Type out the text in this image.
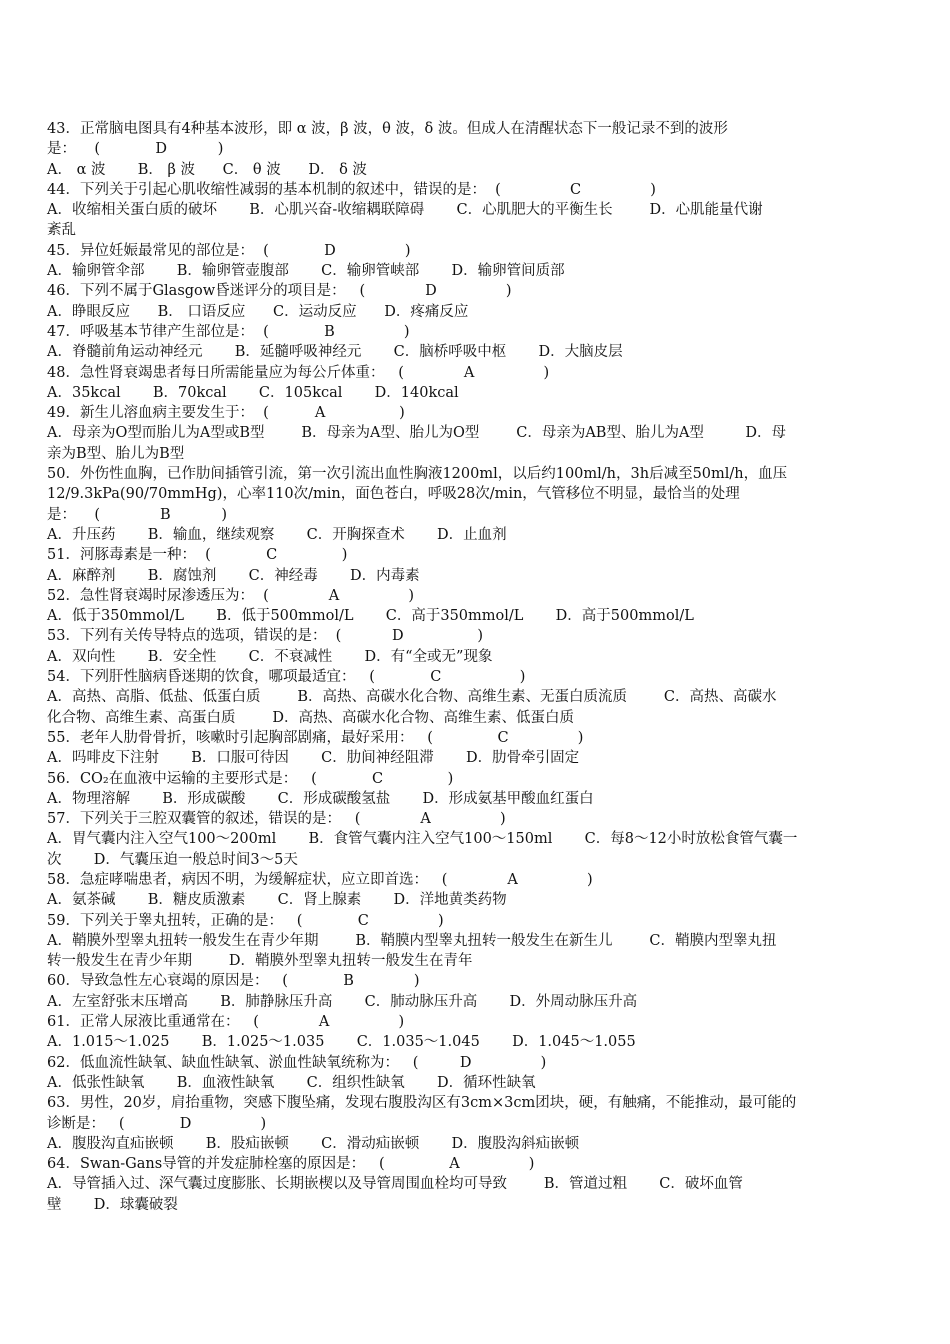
43．正常脑电图具有4种基本波形，即 α 波，β 波，θ 波，δ 波。但成人在清醒状态下一般记录不到的波形
是：    (            D           )
A． α 波       B． β 波      C． θ 波      D． δ 波
44．下列关于引起心肌收缩性减弱的基本机制的叙述中，错误的是：  (               C               )
A．收缩相关蛋白质的破坏       B．心肌兴奋-收缩耦联障碍       C．心肌肥大的平衡生长        D．心肌能量代谢
紊乱
45．异位妊娠最常见的部位是：  (            D               )
A．输卵管伞部       B．输卵管壶腹部       C．输卵管峡部       D．输卵管间质部
46．下列不属于Glasgow昏迷评分的项目是：   (             D               )
A．睁眼反应      B． 口语反应      C．运动反应      D．疼痛反应
47．呼吸基本节律产生部位是：  (            B               )
A．脊髓前角运动神经元       B．延髓呼吸神经元       C．脑桥呼吸中枢       D．大脑皮层
48．急性肾衰竭患者每日所需能量应为每公斤体重：   (             A               )
A．35kcal       B．70kcal       C．105kcal       D．140kcal
49．新生儿溶血病主要发生于：  (          A                )
A．母亲为O型而胎儿为A型或B型        B．母亲为A型、胎儿为O型        C．母亲为AB型、胎儿为A型         D．母
亲为B型、胎儿为B型
50．外伤性血胸，已作肋间插管引流，第一次引流出血性胸液1200ml，以后约100ml/h，3h后减至50ml/h，血压
12/9.3kPa(90/70mmHg)，心率110次/min，面色苍白，呼吸28次/min，气管移位不明显，最恰当的处理
是：    (             B           )
A．升压药       B．输血，继续观察       C．开胸探查术       D．止血剂
51．河豚毒素是一种：  (            C              )
A．麻醉剂       B．腐蚀剂       C．神经毒       D．内毒素
52．急性肾衰竭时尿渗透压为：  (             A               )
A．低于350mmol/L       B．低于500mmol/L       C．高于350mmol/L       D．高于500mmol/L
53．下列有关传导特点的选项，错误的是：  (           D                )
A．双向性       B．安全性       C．不衰减性       D．有“全或无”现象
54．下列肝性脑病昏迷期的饮食，哪项最适宜：   (            C                 )
A．高热、高脂、低盐、低蛋白质        B．高热、高碳水化合物、高维生素、无蛋白质流质        C．高热、高碳水
化合物、高维生素、高蛋白质        D．高热、高碳水化合物、高维生素、低蛋白质
55．老年人肋骨骨折，咳嗽时引起胸部剧痛，最好采用：   (              C               )
A．吗啡皮下注射       B．口服可待因       C．肋间神经阻滞       D．肋骨牵引固定
56．CO₂在血液中运输的主要形式是：   (            C              )
A．物理溶解       B．形成碳酸       C．形成碳酸氢盐       D．形成氨基甲酸血红蛋白
57．下列关于三腔双囊管的叙述，错误的是：   (             A               )
A．胃气囊内注入空气100～200ml       B．食管气囊内注入空气100～150ml       C．每8～12小时放松食管气囊一
次       D．气囊压迫一般总时间3～5天
58．急症哮喘患者，病因不明，为缓解症状，应立即首选：   (             A               )
A．氨茶碱       B．糖皮质激素       C．肾上腺素       D．洋地黄类药物
59．下列关于睾丸扭转，正确的是：   (            C               )
A．鞘膜外型睾丸扭转一般发生在青少年期        B．鞘膜内型睾丸扭转一般发生在新生儿        C．鞘膜内型睾丸扭
转一般发生在青少年期        D．鞘膜外型睾丸扭转一般发生在青年
60．导致急性左心衰竭的原因是：   (            B             )
A．左室舒张末压增高       B．肺静脉压升高       C．肺动脉压升高       D．外周动脉压升高
61．正常人尿液比重通常在：   (             A               )
A．1.015～1.025       B．1.025～1.035       C．1.035～1.045       D．1.045～1.055
62．低血流性缺氧、缺血性缺氧、淤血性缺氧统称为：   (         D               )
A．低张性缺氧       B．血液性缺氧       C．组织性缺氧       D．循环性缺氧
63．男性，20岁，肩抬重物，突感下腹坠痛，发现右腹股沟区有3cm×3cm团块，硬，有触痛，不能推动，最可能的
诊断是：   (            D               )
A．腹股沟直疝嵌顿       B．股疝嵌顿       C．滑动疝嵌顿       D．腹股沟斜疝嵌顿
64．Swan-Gans导管的并发症肺栓塞的原因是：   (              A               )
A．导管插入过、深气囊过度膨胀、长期嵌楔以及导管周围血栓均可导致        B．管道过粗       C．破坏血管
壁       D．球囊破裂
